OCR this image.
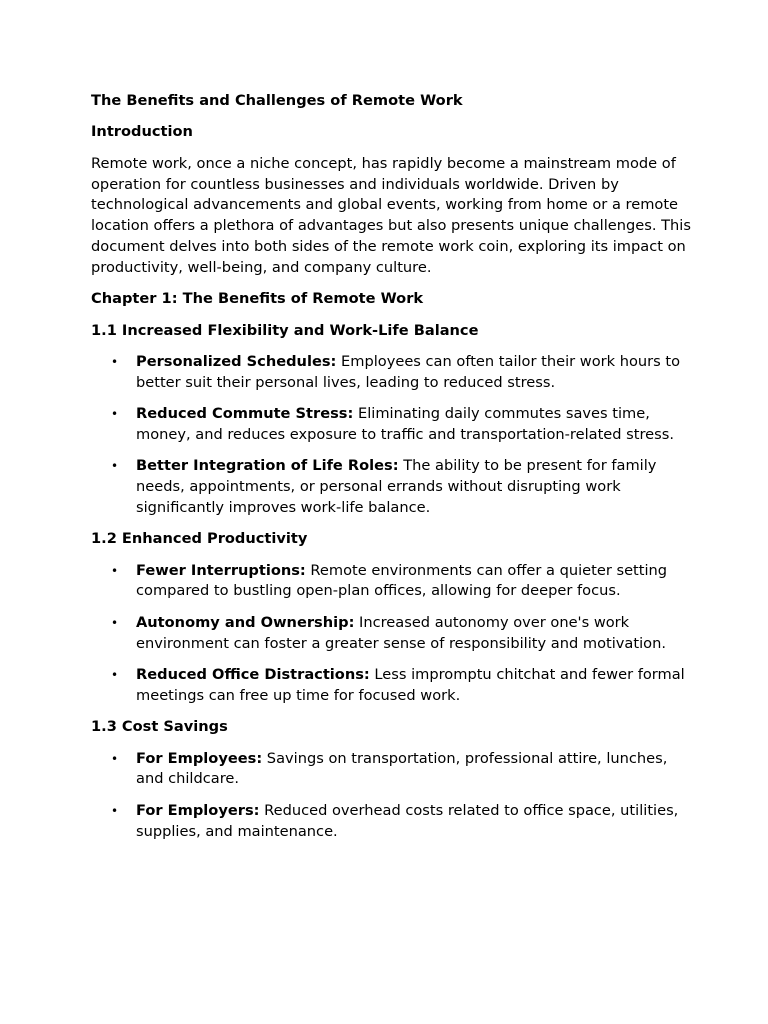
The Benefits and Challenges of Remote Work
Introduction
Remote work, once a niche concept, has rapidly become a mainstream mode of operation for countless businesses and individuals worldwide. Driven by technological advancements and global events, working from home or a remote location offers a plethora of advantages but also presents unique challenges. This document delves into both sides of the remote work coin, exploring its impact on productivity, well-being, and company culture.
Chapter 1: The Benefits of Remote Work
1.1 Increased Flexibility and Work-Life Balance
• Personalized Schedules: Employees can often tailor their work hours to better suit their personal lives, leading to reduced stress.
• Reduced Commute Stress: Eliminating daily commutes saves time, money, and reduces exposure to traffic and transportation-related stress.
• Better Integration of Life Roles: The ability to be present for family needs, appointments, or personal errands without disrupting work significantly improves work-life balance.
1.2 Enhanced Productivity
• Fewer Interruptions: Remote environments can offer a quieter setting compared to bustling open-plan offices, allowing for deeper focus.
• Autonomy and Ownership: Increased autonomy over one's work environment can foster a greater sense of responsibility and motivation.
• Reduced Office Distractions: Less impromptu chitchat and fewer formal meetings can free up time for focused work.
1.3 Cost Savings
• For Employees: Savings on transportation, professional attire, lunches, and childcare.
• For Employers: Reduced overhead costs related to office space, utilities, supplies, and maintenance.
